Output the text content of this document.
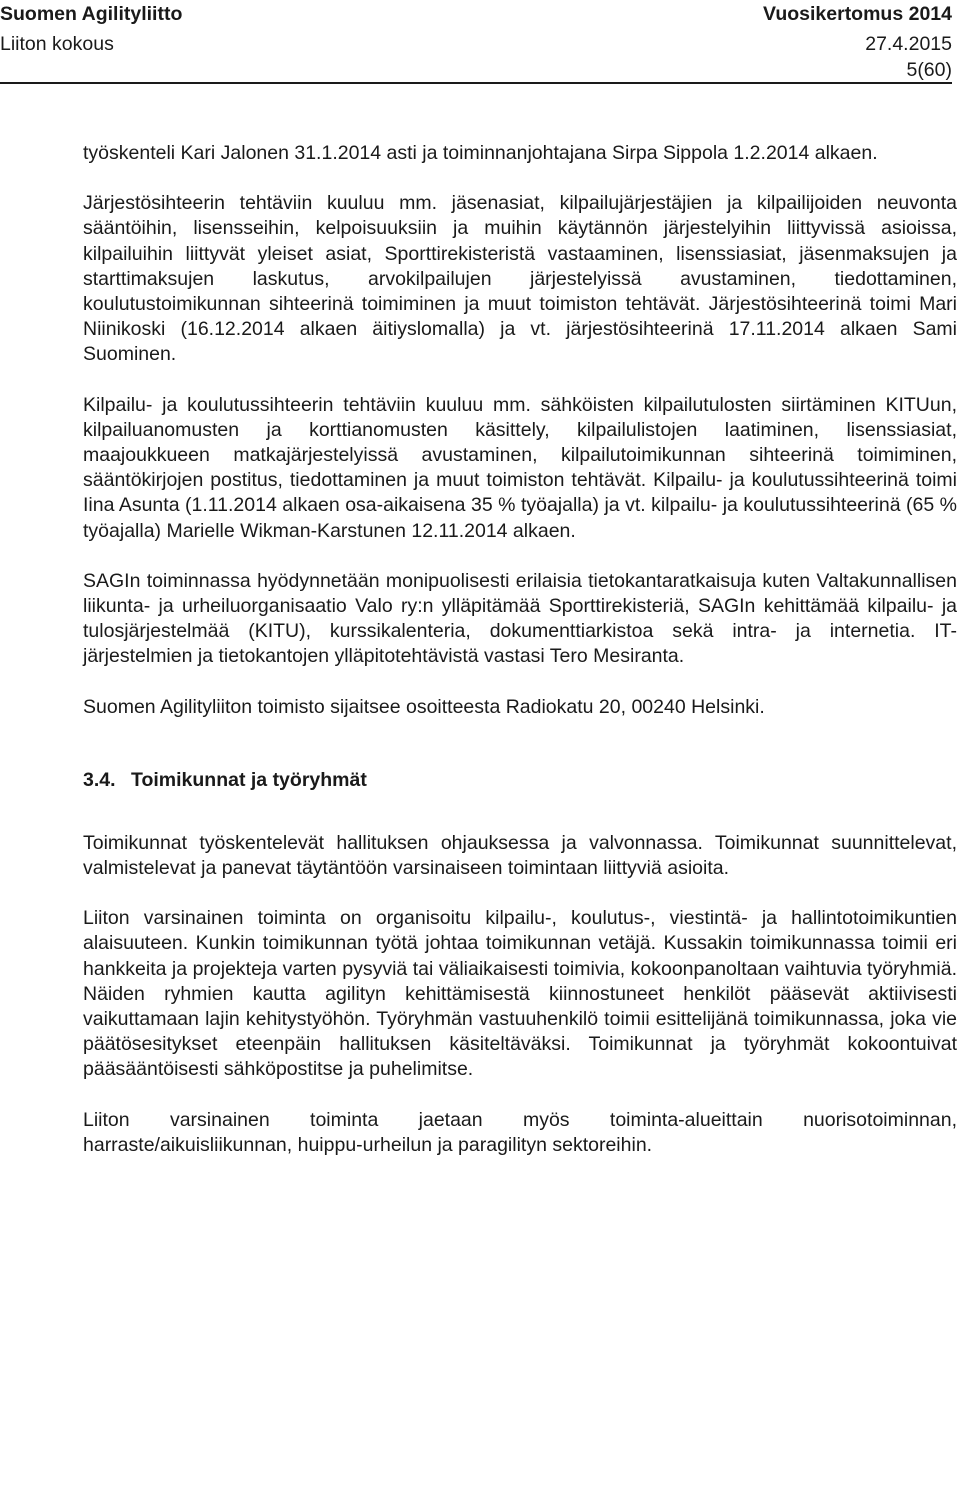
Suomen Agilityliitto	Vuosikertomus 2014
Liiton kokous	27.4.2015
5(60)

työskenteli Kari Jalonen 31.1.2014 asti ja toiminnanjohtajana Sirpa Sippola 1.2.2014 alkaen.

Järjestösihteerin tehtäviin kuuluu mm. jäsenasiat, kilpailujärjestäjien ja kilpailijoiden neuvonta sääntöihin, lisensseihin, kelpoisuuksiin ja muihin käytännön järjestelyihin liittyvissä asioissa, kilpailuihin liittyvät yleiset asiat, Sporttirekisteristä vastaaminen, lisenssiasiat, jäsenmaksujen ja starttimaksujen laskutus, arvokilpailujen järjestelyissä avustaminen, tiedottaminen, koulutustoimikunnan sihteerinä toimiminen ja muut toimiston tehtävät. Järjestösihteerinä toimi Mari Niinikoski (16.12.2014 alkaen äitiyslomalla) ja vt. järjestösihteerinä 17.11.2014 alkaen Sami Suominen.

Kilpailu- ja koulutussihteerin tehtäviin kuuluu mm. sähköisten kilpailutulosten siirtäminen KITUun, kilpailuanomusten ja korttianomusten käsittely, kilpailulistojen laatiminen, lisenssiasiat, maajoukkueen matkajärjestelyissä avustaminen, kilpailutoimikunnan sihteerinä toimiminen, sääntökirjojen postitus, tiedottaminen ja muut toimiston tehtävät. Kilpailu- ja koulutussihteerinä toimi Iina Asunta (1.11.2014 alkaen osa-aikaisena 35 % työajalla) ja vt. kilpailu- ja koulutussihteerinä (65 % työajalla) Marielle Wikman-Karstunen 12.11.2014 alkaen.

SAGIn toiminnassa hyödynnetään monipuolisesti erilaisia tietokantaratkaisuja kuten Valtakunnallisen liikunta- ja urheiluorganisaatio Valo ry:n ylläpitämää Sporttirekisteriä, SAGIn kehittämää kilpailu- ja tulosjärjestelmää (KITU), kurssikalenteria, dokumenttiarkistoa sekä intra- ja internetia. IT-järjestelmien ja tietokantojen ylläpitotehtävistä vastasi Tero Mesiranta.

Suomen Agilityliiton toimisto sijaitsee osoitteesta Radiokatu 20, 00240 Helsinki.

3.4. Toimikunnat ja työryhmät

Toimikunnat työskentelevät hallituksen ohjauksessa ja valvonnassa. Toimikunnat suunnittelevat, valmistelevat ja panevat täytäntöön varsinaiseen toimintaan liittyviä asioita.

Liiton varsinainen toiminta on organisoitu kilpailu-, koulutus-, viestintä- ja hallintotoimikuntien alaisuuteen. Kunkin toimikunnan työtä johtaa toimikunnan vetäjä. Kussakin toimikunnassa toimii eri hankkeita ja projekteja varten pysyviä tai väliaikaisesti toimivia, kokoonpanoltaan vaihtuvia työryhmiä. Näiden ryhmien kautta agilityn kehittämisestä kiinnostuneet henkilöt pääsevät aktiivisesti vaikuttamaan lajin kehitystyöhön. Työryhmän vastuuhenkilö toimii esittelijänä toimikunnassa, joka vie päätösesitykset eteenpäin hallituksen käsiteltäväksi. Toimikunnat ja työryhmät kokoontuivat pääsääntöisesti sähköpostitse ja puhelimitse.

Liiton varsinainen toiminta jaetaan myös toiminta-alueittain nuorisotoiminnan, harraste/aikuisliikunnan, huippu-urheilun ja paragilityn sektoreihin.
